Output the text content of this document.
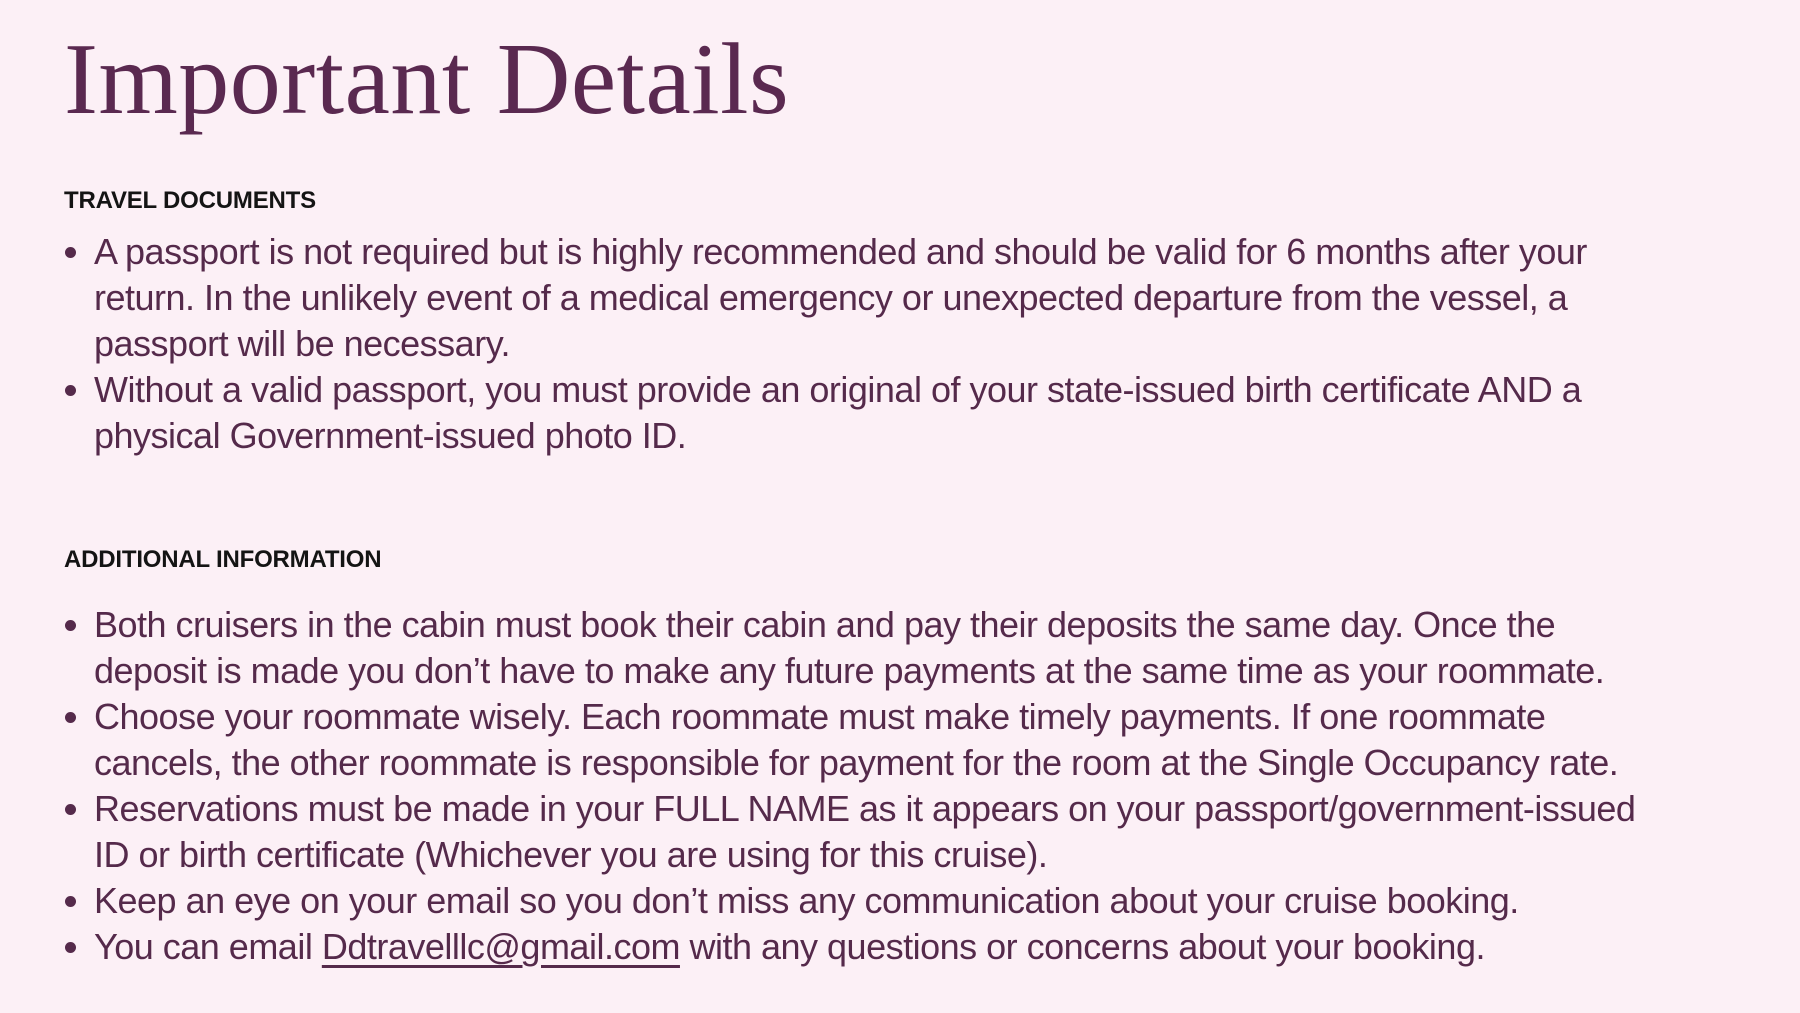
Important Details
TRAVEL DOCUMENTS
A passport is not required but is highly recommended and should be valid for 6 months after your return. In the unlikely event of a medical emergency or unexpected departure from the vessel, a passport will be necessary.
Without a valid passport, you must provide an original of your state-issued birth certificate AND a physical Government-issued photo ID.
ADDITIONAL INFORMATION
Both cruisers in the cabin must book their cabin and pay their deposits the same day. Once the deposit is made you don’t have to make any future payments at the same time as your roommate.
Choose your roommate wisely. Each roommate must make timely payments. If one roommate cancels, the other roommate is responsible for payment for the room at the Single Occupancy rate.
Reservations must be made in your FULL NAME as it appears on your passport/government-issued ID or birth certificate (Whichever you are using for this cruise).
Keep an eye on your email so you don’t miss any communication about your cruise booking.
You can email Ddtravelllc@gmail.com with any questions or concerns about your booking.
